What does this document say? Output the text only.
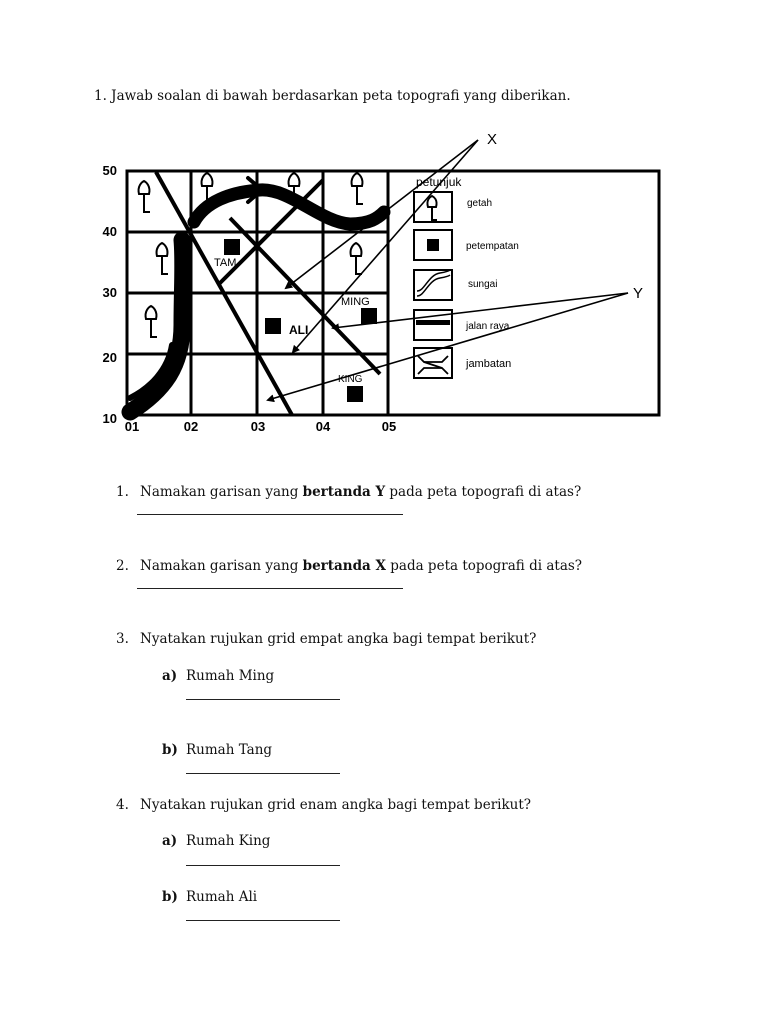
1. Jawab soalan di bawah berdasarkan peta topografi yang diberikan.

50
40
30
20
10
01	02	03	04	05
TAM
ALI
MING
KING
petunjuk
getah
petempatan
sungai
jalan raya
jambatan
X
Y

1. Namakan garisan yang bertanda Y pada peta topografi di atas?

2. Namakan garisan yang bertanda X pada peta topografi di atas?

3. Nyatakan rujukan grid empat angka bagi tempat berikut?

a) Rumah Ming
b) Rumah Tang

4. Nyatakan rujukan grid enam angka bagi tempat berikut?

a) Rumah King
b) Rumah Ali
